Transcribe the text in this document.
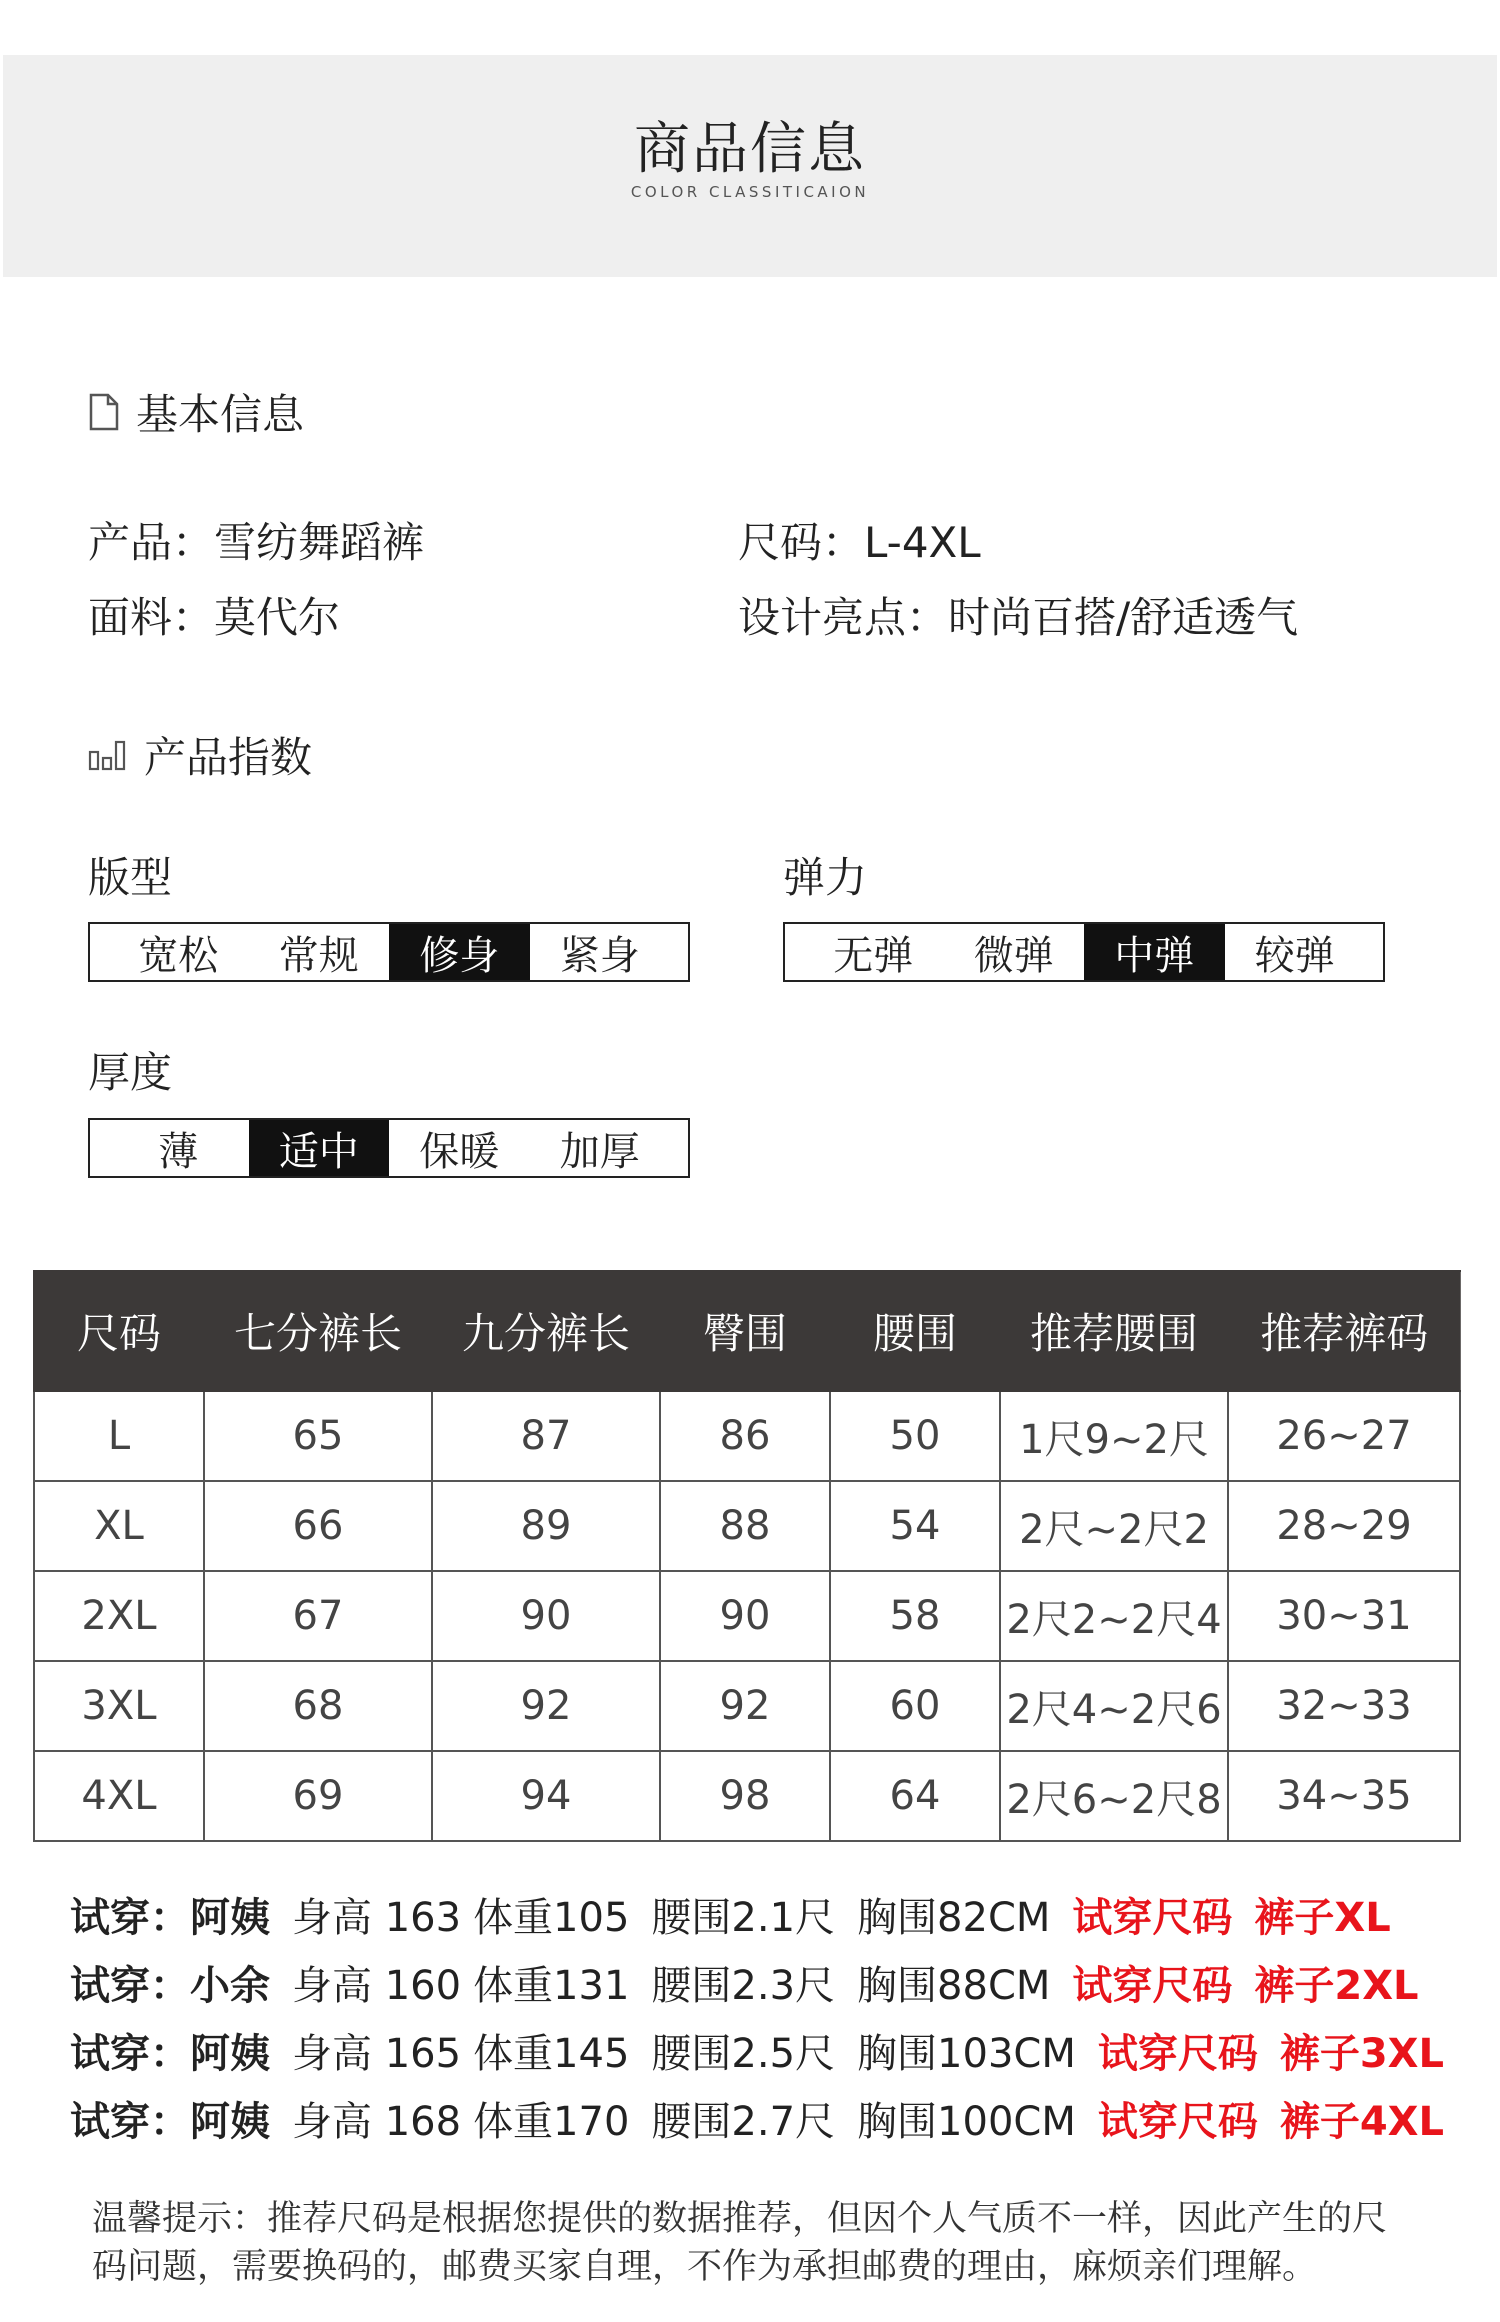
商品信息
COLOR CLASSITICAION
基本信息
产品：雪纺舞蹈裤	尺码：L-4XL
面料：莫代尔	设计亮点：时尚百搭/舒适透气
产品指数
版型
宽松	常规	修身	紧身
弹力
无弹	微弹	中弹	较弹
厚度
薄	适中	保暖	加厚
尺码	七分裤长	九分裤长	臀围	腰围	推荐腰围	推荐裤码
L	65	87	86	50	1尺9~2尺	26~27
XL	66	89	88	54	2尺~2尺2	28~29
2XL	67	90	90	58	2尺2~2尺4	30~31
3XL	68	92	92	60	2尺4~2尺6	32~33
4XL	69	94	98	64	2尺6~2尺8	34~35
试穿： 阿姨 身高 163 体重105 腰围2.1尺 胸围82CM 试穿尺码 裤子XL
试穿： 小余 身高 160 体重131 腰围2.3尺 胸围88CM 试穿尺码 裤子2XL
试穿： 阿姨 身高 165 体重145 腰围2.5尺 胸围103CM 试穿尺码 裤子3XL
试穿： 阿姨 身高 168 体重170 腰围2.7尺 胸围100CM 试穿尺码 裤子4XL
温馨提示：推荐尺码是根据您提供的数据推荐，但因个人气质不一样，因此产生的尺码问题，需要换码的，邮费买家自理，不作为承担邮费的理由，麻烦亲们理解。
